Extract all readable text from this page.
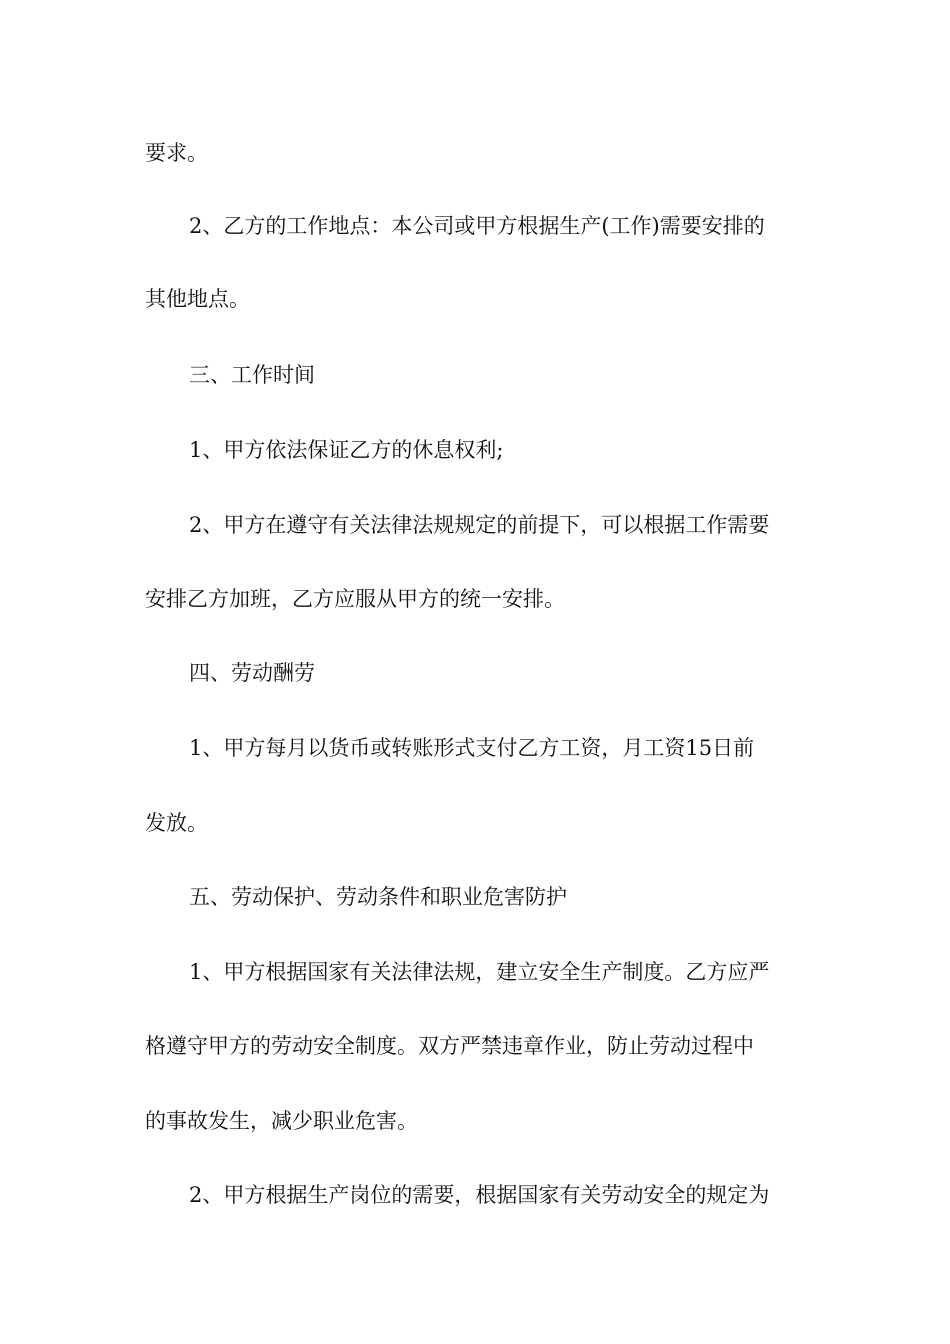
要求。
2、乙方的工作地点：本公司或甲方根据生产(工作)需要安排的
其他地点。
三、工作时间
1、甲方依法保证乙方的休息权利;
2、甲方在遵守有关法律法规规定的前提下，可以根据工作需要
安排乙方加班，乙方应服从甲方的统一安排。
四、劳动酬劳
1、甲方每月以货币或转账形式支付乙方工资，月工资15日前
发放。
五、劳动保护、劳动条件和职业危害防护
1、甲方根据国家有关法律法规，建立安全生产制度。乙方应严
格遵守甲方的劳动安全制度。双方严禁违章作业，防止劳动过程中
的事故发生，减少职业危害。
2、甲方根据生产岗位的需要，根据国家有关劳动安全的规定为
